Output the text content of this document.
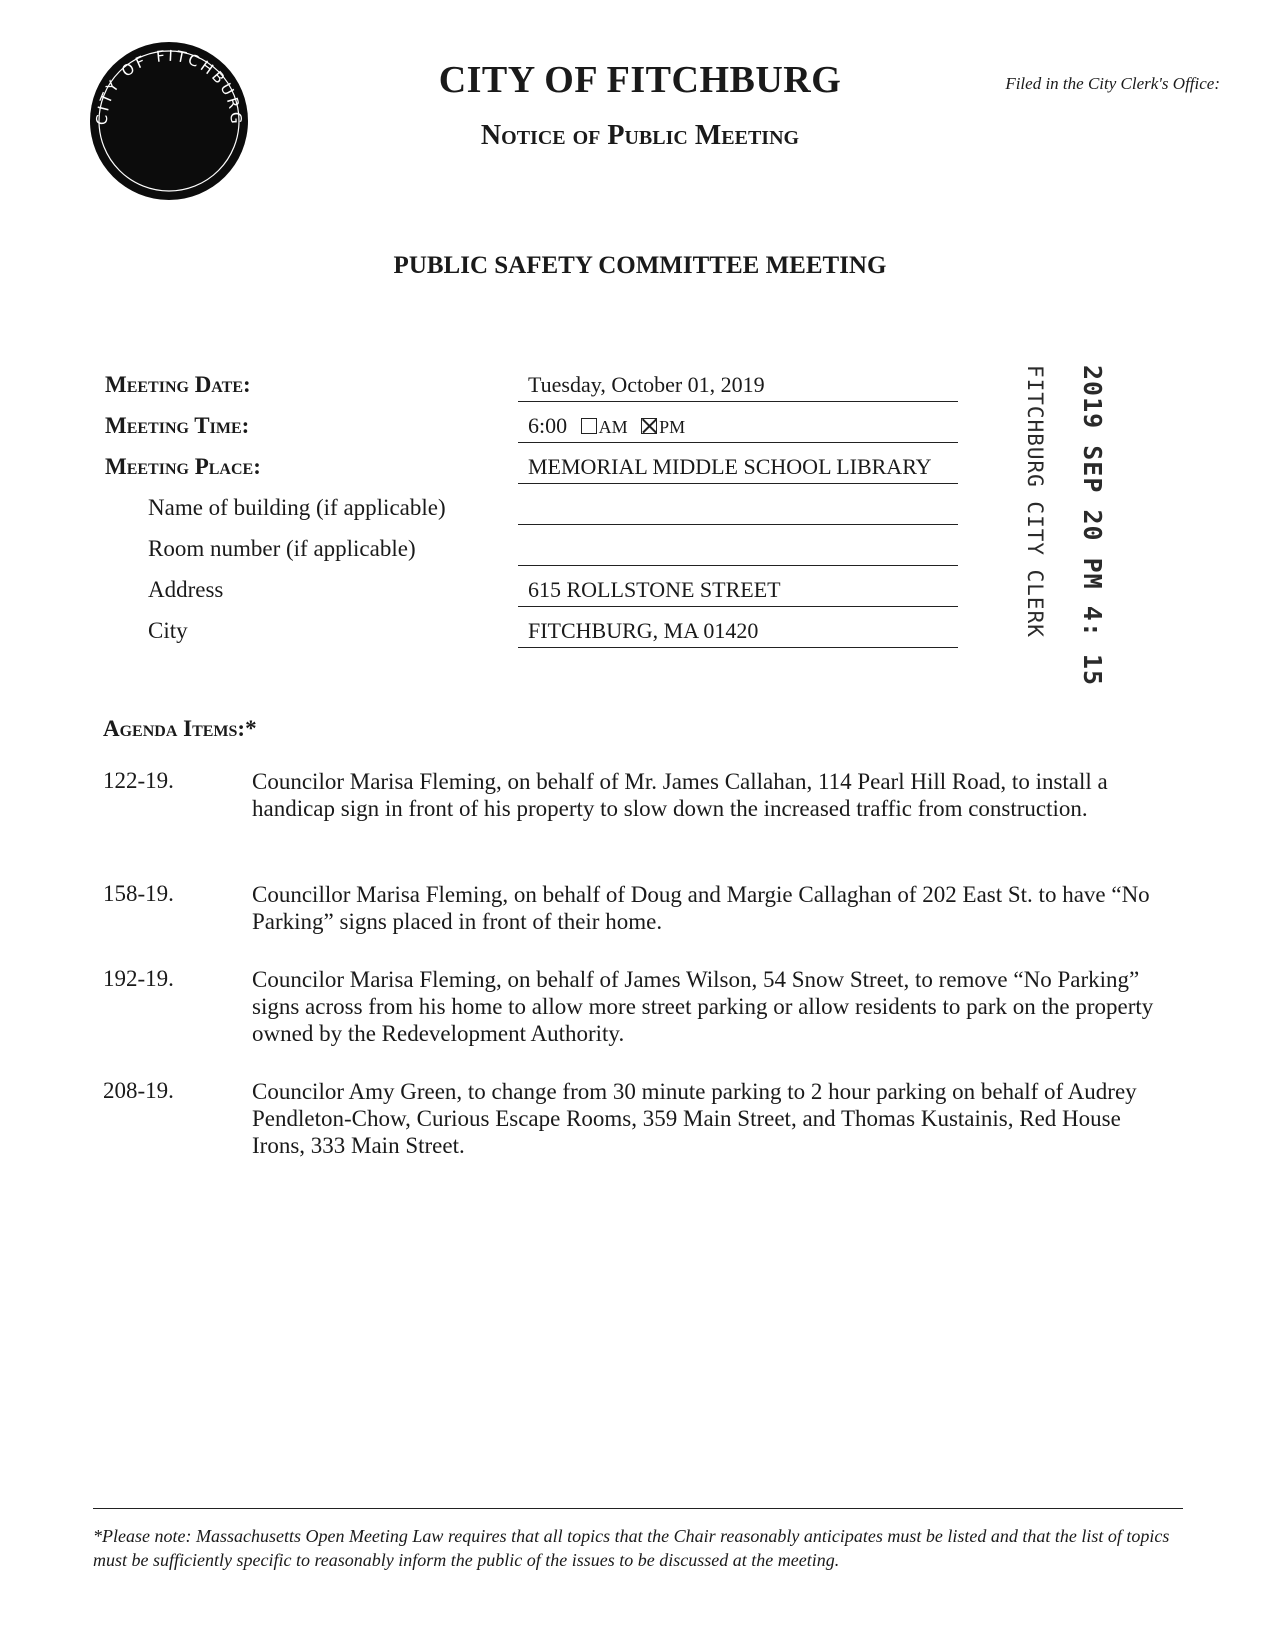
CITY OF FITCHBURG
CITY OF FITCHBURG
Notice of Public Meeting
Filed in the City Clerk's Office:
PUBLIC SAFETY COMMITTEE MEETING
Meeting Date:	Tuesday, October 01, 2019
Meeting Time:	6:00 AM PM
Meeting Place:	MEMORIAL MIDDLE SCHOOL LIBRARY
Name of building (if applicable)
Room number (if applicable)
Address	615 ROLLSTONE STREET
City	FITCHBURG, MA 01420	2019 SEP 20 PM 4: 15
FITCHBURG CITY CLERK
Agenda Items:*
122-19.	Councilor Marisa Fleming, on behalf of Mr. James Callahan, 114 Pearl Hill Road, to install a handicap sign in front of his property to slow down the increased traffic from construction.
158-19.	Councillor Marisa Fleming, on behalf of Doug and Margie Callaghan of 202 East St. to have “No Parking” signs placed in front of their home.
192-19.	Councilor Marisa Fleming, on behalf of James Wilson, 54 Snow Street, to remove “No Parking” signs across from his home to allow more street parking or allow residents to park on the property owned by the Redevelopment Authority.
208-19.	Councilor Amy Green, to change from 30 minute parking to 2 hour parking on behalf of Audrey Pendleton-Chow, Curious Escape Rooms, 359 Main Street, and Thomas Kustainis, Red House Irons, 333 Main Street.
*Please note: Massachusetts Open Meeting Law requires that all topics that the Chair reasonably anticipates must be listed and that the list of topics must be sufficiently specific to reasonably inform the public of the issues to be discussed at the meeting.
